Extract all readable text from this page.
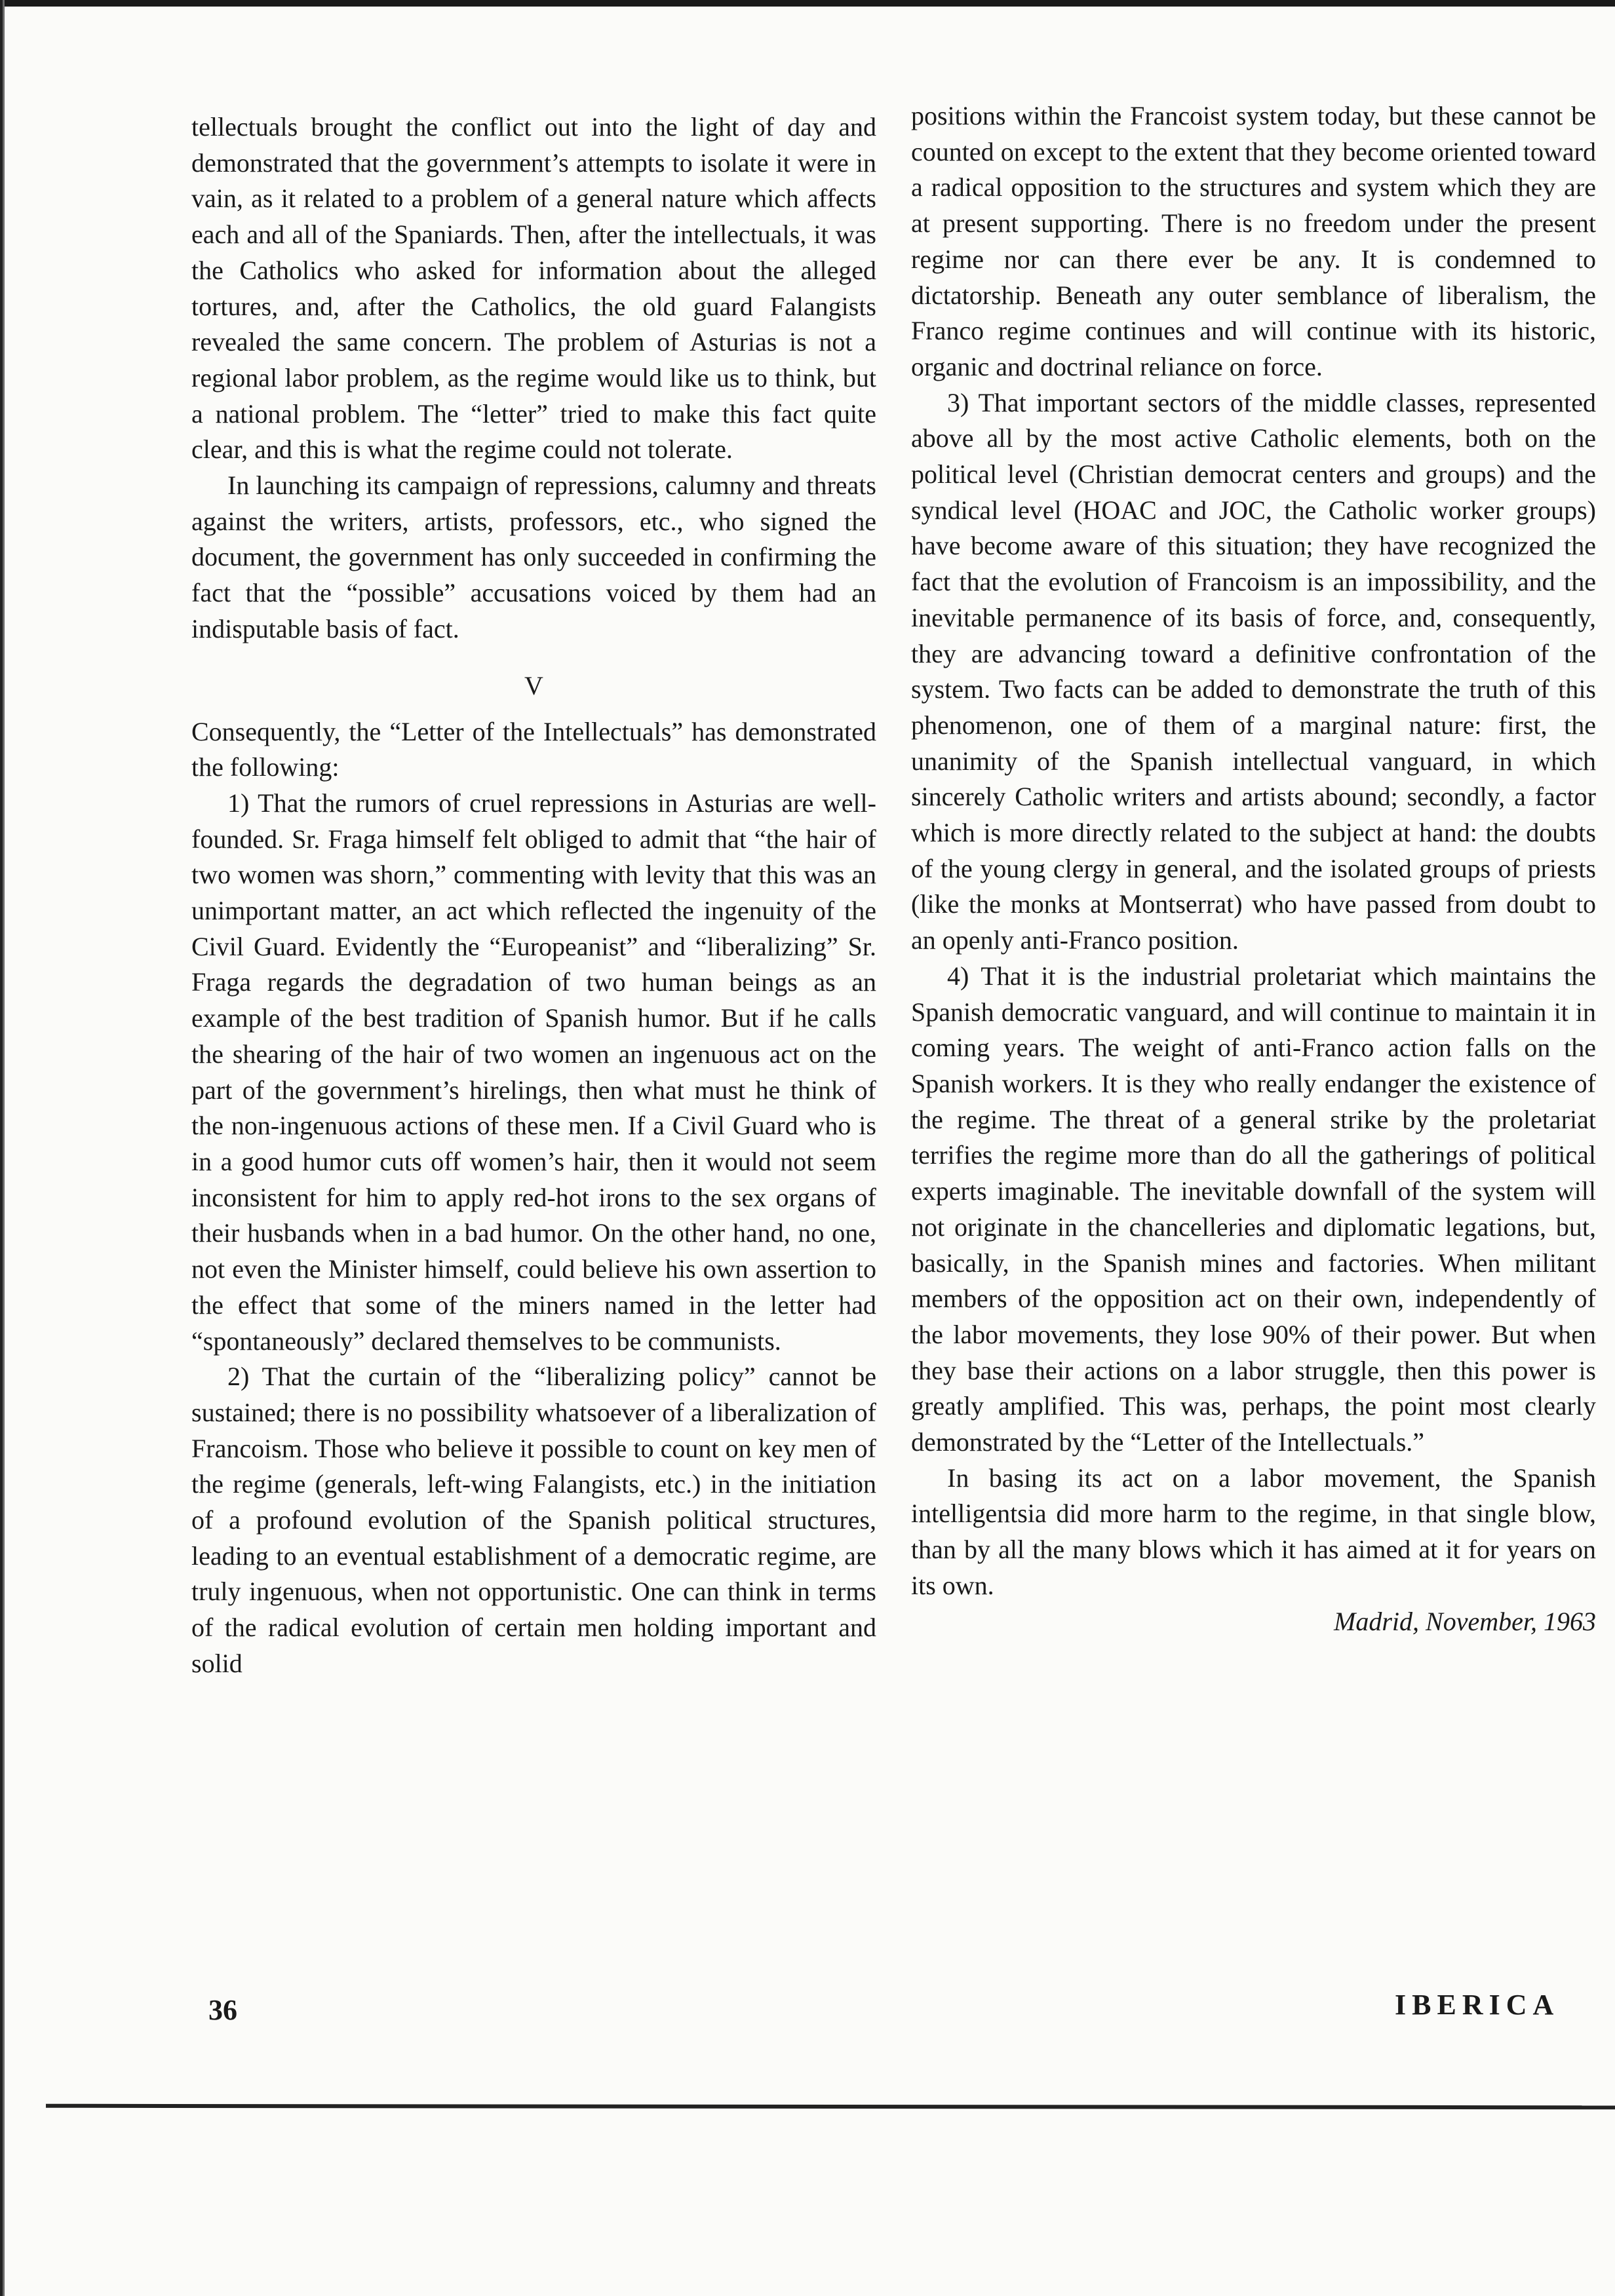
tellectuals brought the conflict out into the light of day and demonstrated that the government’s attempts to isolate it were in vain, as it related to a problem of a general nature which affects each and all of the Spaniards. Then, after the intellectuals, it was the Catholics who asked for information about the alleged tortures, and, after the Catholics, the old guard Falangists revealed the same concern. The problem of Asturias is not a regional labor problem, as the regime would like us to think, but a national problem. The “letter” tried to make this fact quite clear, and this is what the regime could not tolerate.

In launching its campaign of repressions, calumny and threats against the writers, artists, professors, etc., who signed the document, the government has only succeeded in confirming the fact that the “possible” accusations voiced by them had an indisputable basis of fact.

V

Consequently, the “Letter of the Intellectuals” has demonstrated the following:

1) That the rumors of cruel repressions in Asturias are well-founded. Sr. Fraga himself felt obliged to admit that “the hair of two women was shorn,” commenting with levity that this was an unimportant matter, an act which reflected the ingenuity of the Civil Guard. Evidently the “Europeanist” and “liberalizing” Sr. Fraga regards the degradation of two human beings as an example of the best tradition of Spanish humor. But if he calls the shearing of the hair of two women an ingenuous act on the part of the government’s hirelings, then what must he think of the non-ingenuous actions of these men. If a Civil Guard who is in a good humor cuts off women’s hair, then it would not seem inconsistent for him to apply red-hot irons to the sex organs of their husbands when in a bad humor. On the other hand, no one, not even the Minister himself, could believe his own assertion to the effect that some of the miners named in the letter had “spontaneously” declared themselves to be communists.

2) That the curtain of the “liberalizing policy” cannot be sustained; there is no possibility whatsoever of a liberalization of Francoism. Those who believe it possible to count on key men of the regime (generals, left-wing Falangists, etc.) in the initiation of a profound evolution of the Spanish political structures, leading to an eventual establishment of a democratic regime, are truly ingenuous, when not opportunistic. One can think in terms of the radical evolution of certain men holding important and solid

positions within the Francoist system today, but these cannot be counted on except to the extent that they become oriented toward a radical opposition to the structures and system which they are at present supporting. There is no freedom under the present regime nor can there ever be any. It is condemned to dictatorship. Beneath any outer semblance of liberalism, the Franco regime continues and will continue with its historic, organic and doctrinal reliance on force.

3) That important sectors of the middle classes, represented above all by the most active Catholic elements, both on the political level (Christian democrat centers and groups) and the syndical level (HOAC and JOC, the Catholic worker groups) have become aware of this situation; they have recognized the fact that the evolution of Francoism is an impossibility, and the inevitable permanence of its basis of force, and, consequently, they are advancing toward a definitive confrontation of the system. Two facts can be added to demonstrate the truth of this phenomenon, one of them of a marginal nature: first, the unanimity of the Spanish intellectual vanguard, in which sincerely Catholic writers and artists abound; secondly, a factor which is more directly related to the subject at hand: the doubts of the young clergy in general, and the isolated groups of priests (like the monks at Montserrat) who have passed from doubt to an openly anti-Franco position.

4) That it is the industrial proletariat which maintains the Spanish democratic vanguard, and will continue to maintain it in coming years. The weight of anti-Franco action falls on the Spanish workers. It is they who really endanger the existence of the regime. The threat of a general strike by the proletariat terrifies the regime more than do all the gatherings of political experts imaginable. The inevitable downfall of the system will not originate in the chancelleries and diplomatic legations, but, basically, in the Spanish mines and factories. When militant members of the opposition act on their own, independently of the labor movements, they lose 90% of their power. But when they base their actions on a labor struggle, then this power is greatly amplified. This was, perhaps, the point most clearly demonstrated by the “Letter of the Intellectuals.”

In basing its act on a labor movement, the Spanish intelligentsia did more harm to the regime, in that single blow, than by all the many blows which it has aimed at it for years on its own.

Madrid, November, 1963

36	IBERICA
